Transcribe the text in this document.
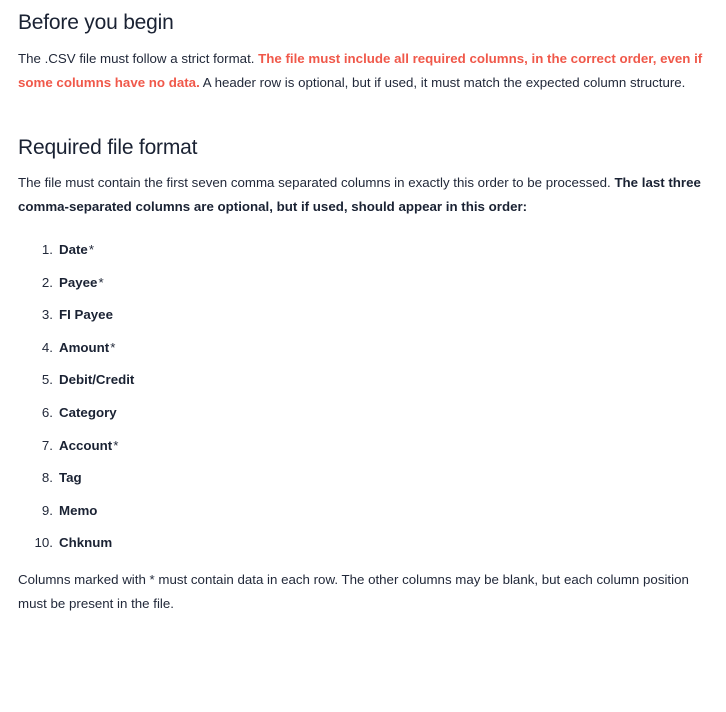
Before you begin

The .CSV file must follow a strict format. The file must include all required columns, in the correct order, even if some columns have no data. A header row is optional, but if used, it must match the expected column structure.

Required file format

The file must contain the first seven comma separated columns in exactly this order to be processed. The last three comma-separated columns are optional, but if used, should appear in this order:

1. Date *
2. Payee *
3. FI Payee
4. Amount *
5. Debit/Credit
6. Category
7. Account *
8. Tag
9. Memo
10. Chknum

Columns marked with * must contain data in each row. The other columns may be blank, but each column position must be present in the file.
